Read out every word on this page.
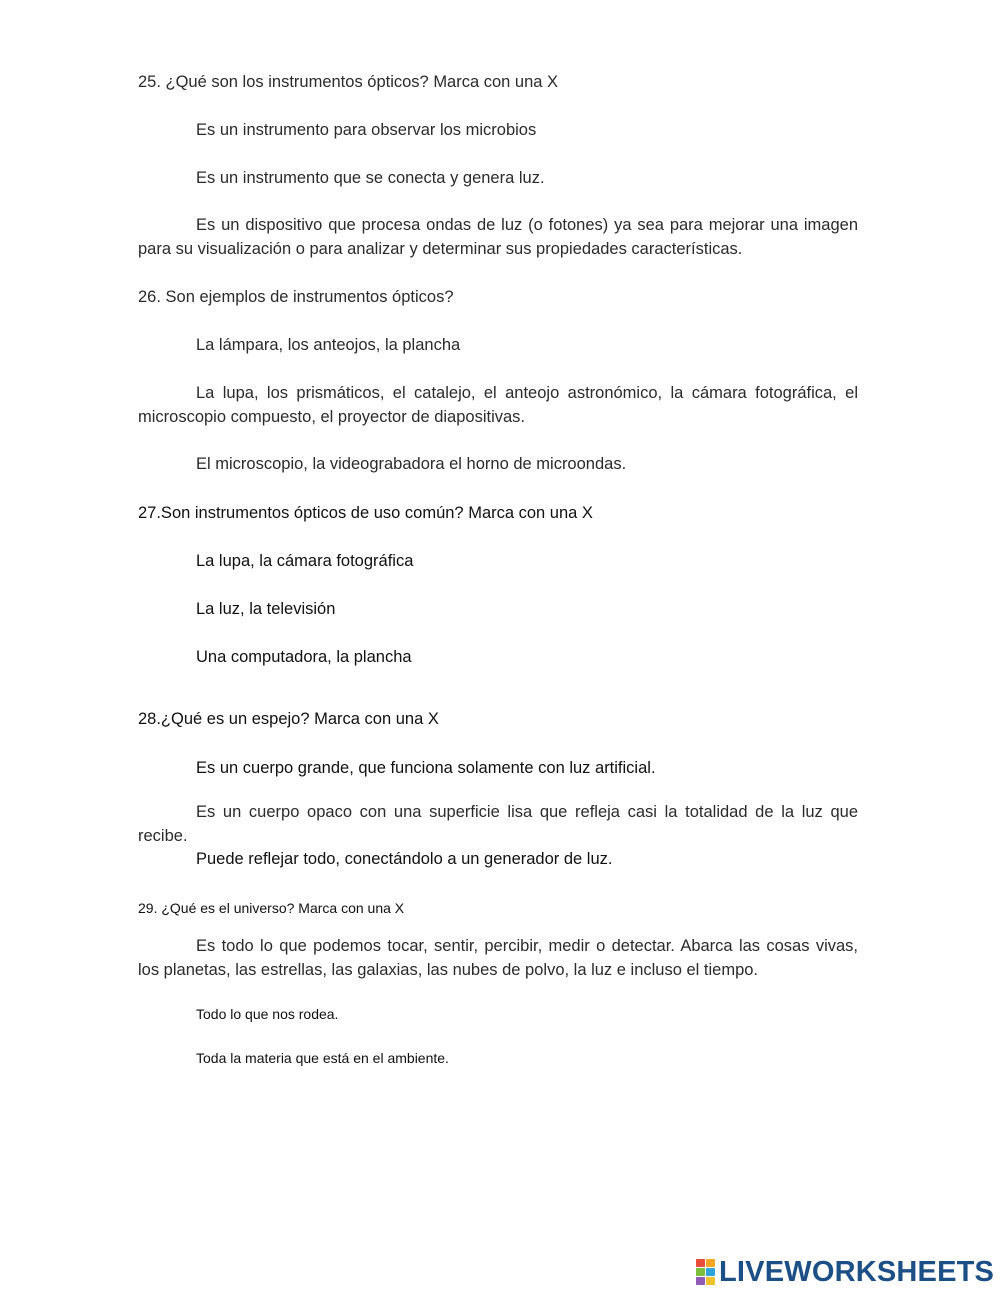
25. ¿Qué son los instrumentos ópticos? Marca con una X

Es un instrumento para observar los microbios

Es un instrumento que se conecta y genera luz.

Es un dispositivo que procesa ondas de luz (o fotones) ya sea para mejorar una imagen para su visualización o para analizar y determinar sus propiedades características.

26. Son ejemplos de instrumentos ópticos?

La lámpara, los anteojos, la plancha

La lupa, los prismáticos, el catalejo, el anteojo astronómico, la cámara fotográfica, el microscopio compuesto, el proyector de diapositivas.

El microscopio, la videograbadora el horno de microondas.

27.Son instrumentos ópticos de uso común? Marca con una X

La lupa, la cámara fotográfica

La luz, la televisión

Una computadora, la plancha

28.¿Qué es un espejo? Marca con una X

Es un cuerpo grande, que funciona solamente con luz artificial.

Es un cuerpo opaco con una superficie lisa que refleja casi la totalidad de la luz que recibe.

Puede reflejar todo, conectándolo a un generador de luz.

29. ¿Qué es el universo? Marca con una X

Es todo lo que podemos tocar, sentir, percibir, medir o detectar. Abarca las cosas vivas, los planetas, las estrellas, las galaxias, las nubes de polvo, la luz e incluso el tiempo.

Todo lo que nos rodea.

Toda la materia que está en el ambiente.

LIVEWORKSHEETS
